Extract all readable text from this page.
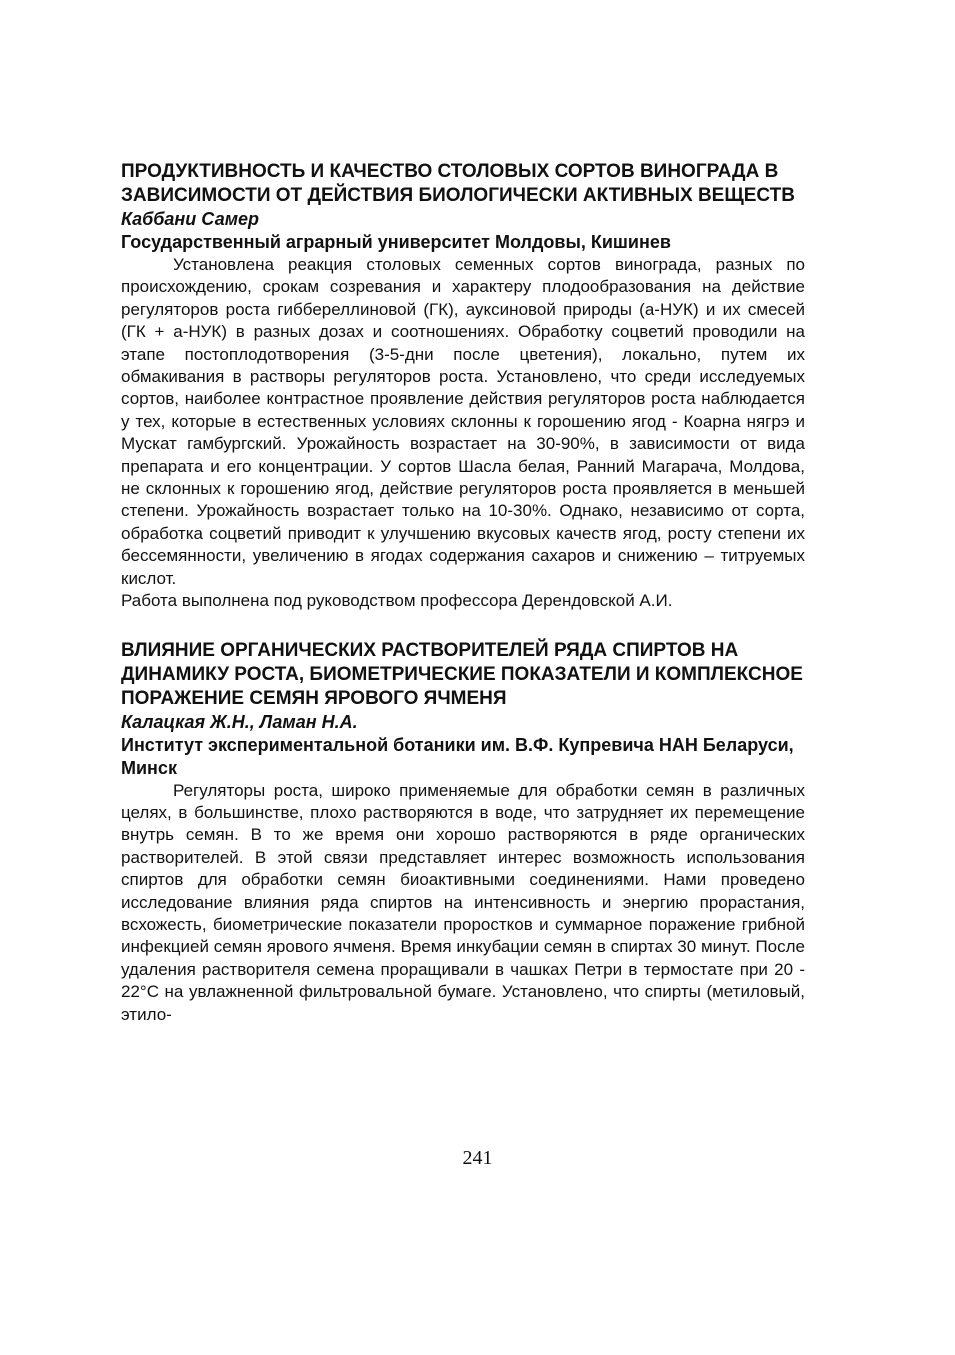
ПРОДУКТИВНОСТЬ И КАЧЕСТВО СТОЛОВЫХ СОРТОВ ВИНОГРАДА В ЗАВИСИМОСТИ ОТ ДЕЙСТВИЯ БИОЛОГИЧЕСКИ АКТИВНЫХ ВЕЩЕСТВ

Каббани Самер

Государственный аграрный университет Молдовы, Кишинев

Установлена реакция столовых семенных сортов винограда, разных по происхождению, срокам созревания и характеру плодообразования на действие регуляторов роста гиббереллиновой (ГК), ауксиновой природы (а-НУК) и их смесей (ГК + а-НУК) в разных дозах и соотношениях. Обработку соцветий проводили на этапе постоплодотворения (3-5-дни после цветения), локально, путем их обмакивания в растворы регуляторов роста. Установлено, что среди исследуемых сортов, наиболее контрастное проявление действия регуляторов роста наблюдается у тех, которые в естественных условиях склонны к горошению ягод - Коарна нягрэ и Мускат гамбургский. Урожайность возрастает на 30-90%, в зависимости от вида препарата и его концентрации. У сортов Шасла белая, Ранний Магарача, Молдова, не склонных к горошению ягод, действие регуляторов роста проявляется в меньшей степени. Урожайность возрастает только на 10-30%. Однако, независимо от сорта, обработка соцветий приводит к улучшению вкусовых качеств ягод, росту степени их бессемянности, увеличению в ягодах содержания сахаров и снижению – титруемых кислот.

Работа выполнена под руководством профессора Дерендовской А.И.

ВЛИЯНИЕ ОРГАНИЧЕСКИХ РАСТВОРИТЕЛЕЙ РЯДА СПИРТОВ НА ДИНАМИКУ РОСТА, БИОМЕТРИЧЕСКИЕ ПОКАЗАТЕЛИ И КОМПЛЕКСНОЕ ПОРАЖЕНИЕ СЕМЯН ЯРОВОГО ЯЧМЕНЯ

Калацкая Ж.Н., Ламан Н.А.

Институт экспериментальной ботаники им. В.Ф. Купревича НАН Беларуси, Минск

Регуляторы роста, широко применяемые для обработки семян в различных целях, в большинстве, плохо растворяются в воде, что затрудняет их перемещение внутрь семян. В то же время они хорошо растворяются в ряде органических растворителей. В этой связи представляет интерес возможность использования спиртов для обработки семян биоактивными соединениями. Нами проведено исследование влияния ряда спиртов на интенсивность и энергию прорастания, всхожесть, биометрические показатели проростков и суммарное поражение грибной инфекцией семян ярового ячменя. Время инкубации семян в спиртах 30 минут. После удаления растворителя семена проращивали в чашках Петри в термостате при 20 - 22°С на увлажненной фильтровальной бумаге. Установлено, что спирты (метиловый, этило-

241
